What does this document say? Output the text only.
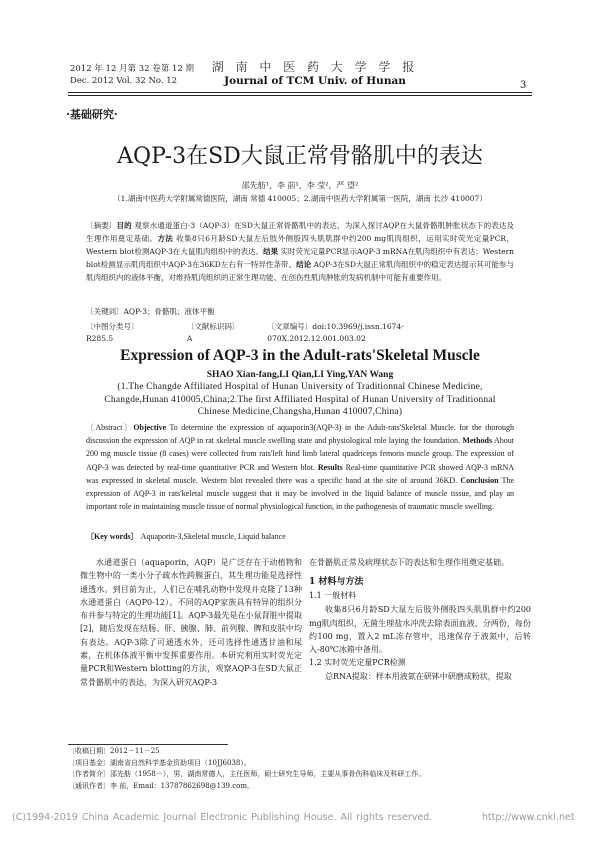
2012 年 12 月第 32 卷第 12 期
Dec. 2012 Vol. 32 No. 12
湖 南 中 医 药 大 学 学 报
Journal of TCM Univ. of Hunan	3
·基础研究·
AQP-3在SD大鼠正常骨骼肌中的表达
邵先舫¹，李 前¹，李 莹²，严 望²
（1.湖南中医药大学附属常德医院，湖南 常德 410005；2.湖南中医药大学附属第一医院，湖南 长沙 410007）
〔摘要〕目的 观察水通道蛋白-3（AQP-3）在SD大鼠正常骨骼肌中的表达，为深入探讨AQP在大鼠骨骼肌肿胀状态下的表达及生理作用奠定基础。方法 收集8只6月龄SD大鼠左后肢外侧股四头肌肌群中约200 mg肌肉组织，运用实时荧光定量PCR，Western blot检测AQP-3在大鼠肌肉组织中的表达。结果 实时荧光定量PCR显示AQP-3 mRNA在肌肉组织中有表达；Western blot检测显示肌肉组织中AQP-3在36KD左右有一特异性条带。结论 AQP-3在SD大鼠正常肌肉组织中的稳定表达提示其可能参与肌肉组织内的液体平衡，对维持肌肉组织的正常生理功能、在创伤性肌肉肿胀的发病机制中可能有重要作用。
〔关键词〕AQP-3；骨骼肌；液体平衡
〔中图分类号〕R285.5
〔文献标识码〕A
〔文章编号〕doi:10.3969/j.issn.1674-070X.2012.12.001.003.02
Expression of AQP-3 in the Adult-rats'Skeletal Muscle
SHAO Xian-fang,LI Qian,LI Ying,YAN Wang
(1.The Changde Affiliated Hospital of Hunan University of Traditionnal Chinese Medicine, Changde,Hunan 410005,China;2.The first Affiliated Hospital of Hunan University of Traditionnal Chinese Medicine,Changsha,Hunan 410007,China)
〔Abstract〕Objective To determine the expression of aquaporin3(AQP-3) in the Adult-rats'Skeletal Muscle. for the thorough discussion the expression of AQP in rat skeletal muscle swelling state and physiological role laying the foundation. Methods About 200 mg muscle tissue (8 cases) were collected from rats'left hind limb lateral quadriceps femoris muscle group. The expression of AQP-3 was detected by real-time quantitative PCR and Western blot. Results Real-time quantitative PCR showed AQP-3 mRNA was expressed in skeletal muscle. Western blot revealed there was a specific band at the site of around 36KD. Conclusion The expression of AQP-3 in rats'keletal muscle suggest that it may be involved in the liquid balance of muscle tissue, and play an important role in maintaining muscle tissue of normal physiological function, in the pathogenesis of traumatic muscle swelling.
〔Key words〕 Aquaporin-3,Skeletal muscle, Liquid balance

水通道蛋白（aquaporin，AQP）是广泛存在于动植物和微生物中的一类小分子疏水性跨膜蛋白，其生理功能是选择性通透水。到目前为止，人们已在哺乳动物中发现并克隆了13种水通道蛋白（AQP0-12）。不同的AQP家族具有特异的组织分布并参与特定的生理功能[1]。AQP-3最先是在小鼠肾脏中提取[2]，随后发现在结肠、肝、胰腺、肺、前列腺、脾和皮肤中均有表达。AQP-3除了可通透水外，还可选择性通透甘油和尿素，在机体体液平衡中发挥重要作用。本研究利用实时荧光定量PCR和Western blotting的方法，观察AQP-3在SD大鼠正常骨骼肌中的表达，为深入研究AQP-3

在骨骼肌正常及病理状态下的表达和生理作用奠定基础。

1 材料与方法
1.1 一般材料

收集8只6月龄SD大鼠左后肢外侧股四头肌肌群中约200 mg肌肉组织，无菌生理盐水冲洗去除表面血液，分两份，每份约100 mg，置入2 mL冻存管中，迅速保存于液氮中，后转入-80℃冰箱中备用。

1.2 实时荧光定量PCR检测

总RNA提取：样本用液氮在研钵中研磨成粉状，提取

〔收稿日期〕2012－11－25
〔项目基金〕湖南省自然科学基金资助项目（10JJ6038）。
〔作者简介〕邵先舫（1958－），男，湖南常德人，主任医师，硕士研究生导师，主要从事骨伤科临床及科研工作。
〔通讯作者〕李 前，Email：13787862698@139.com。
(C)1994-2019 China Academic Journal Electronic Publishing House. All rights reserved.	http://www.cnki.net
